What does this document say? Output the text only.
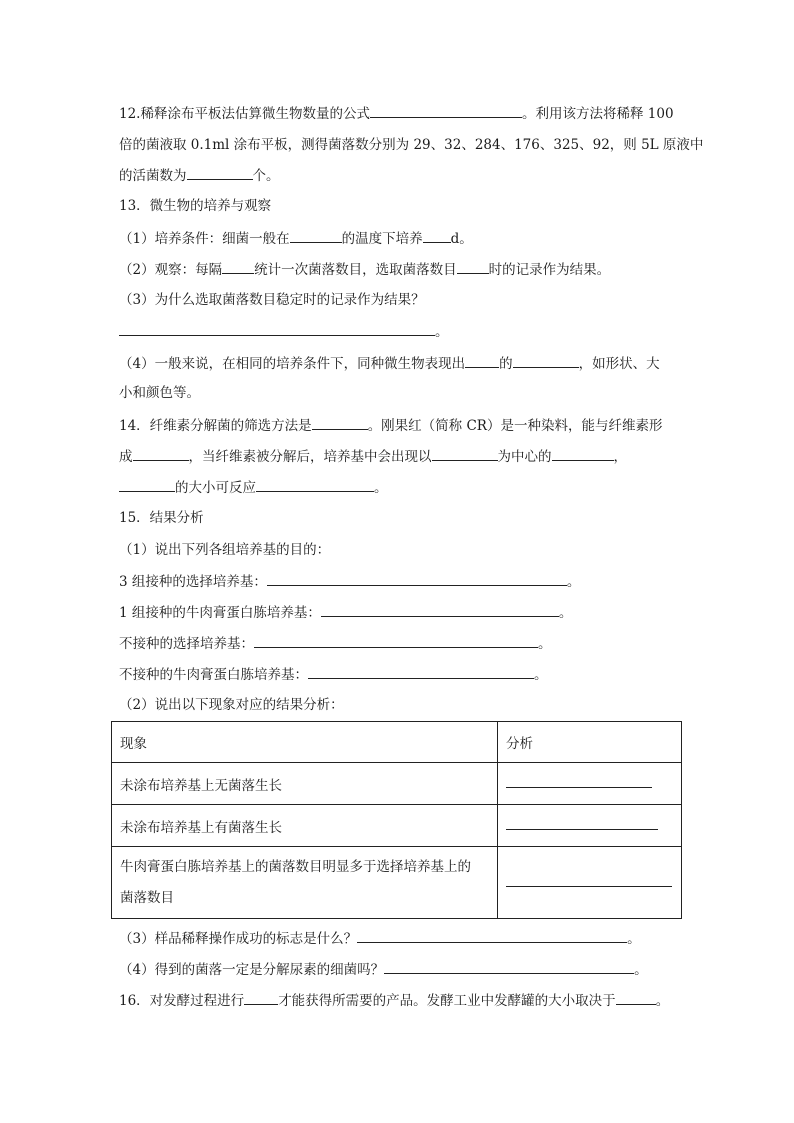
12.稀释涂布平板法估算微生物数量的公式	。利用该方法将稀释 100
倍的菌液取 0.1ml 涂布平板，测得菌落数分别为 29、32、284、176、325、92，则 5L 原液中
的活菌数为	个。
13．微生物的培养与观察
（1）培养条件：细菌一般在	的温度下培养 d。
（2）观察：每隔 统计一次菌落数目，选取菌落数目 时的记录作为结果。
（3）为什么选取菌落数目稳定时的记录作为结果？
。
（4）一般来说，在相同的培养条件下，同种微生物表现出	的	，如形状、大
小和颜色等。
14．纤维素分解菌的筛选方法是	。刚果红（简称 CR）是一种染料，能与纤维素形
成	，当纤维素被分解后，培养基中会出现以	为中心的	，
的大小可反应	。
15．结果分析
（1）说出下列各组培养基的目的：
3 组接种的选择培养基：	。
1 组接种的牛肉膏蛋白胨培养基：	。
不接种的选择培养基：	。
不接种的牛肉膏蛋白胨培养基：	。
（2）说出以下现象对应的结果分析：
现象	分析
未涂布培养基上无菌落生长	

未涂布培养基上有菌落生长	

牛肉膏蛋白胨培养基上的菌落数目明显多于选择培养基上的
菌落数目	

（3）样品稀释操作成功的标志是什么？	。
（4）得到的菌落一定是分解尿素的细菌吗？	。
16．对发酵过程进行	才能获得所需要的产品。发酵工业中发酵罐的大小取决于	。
